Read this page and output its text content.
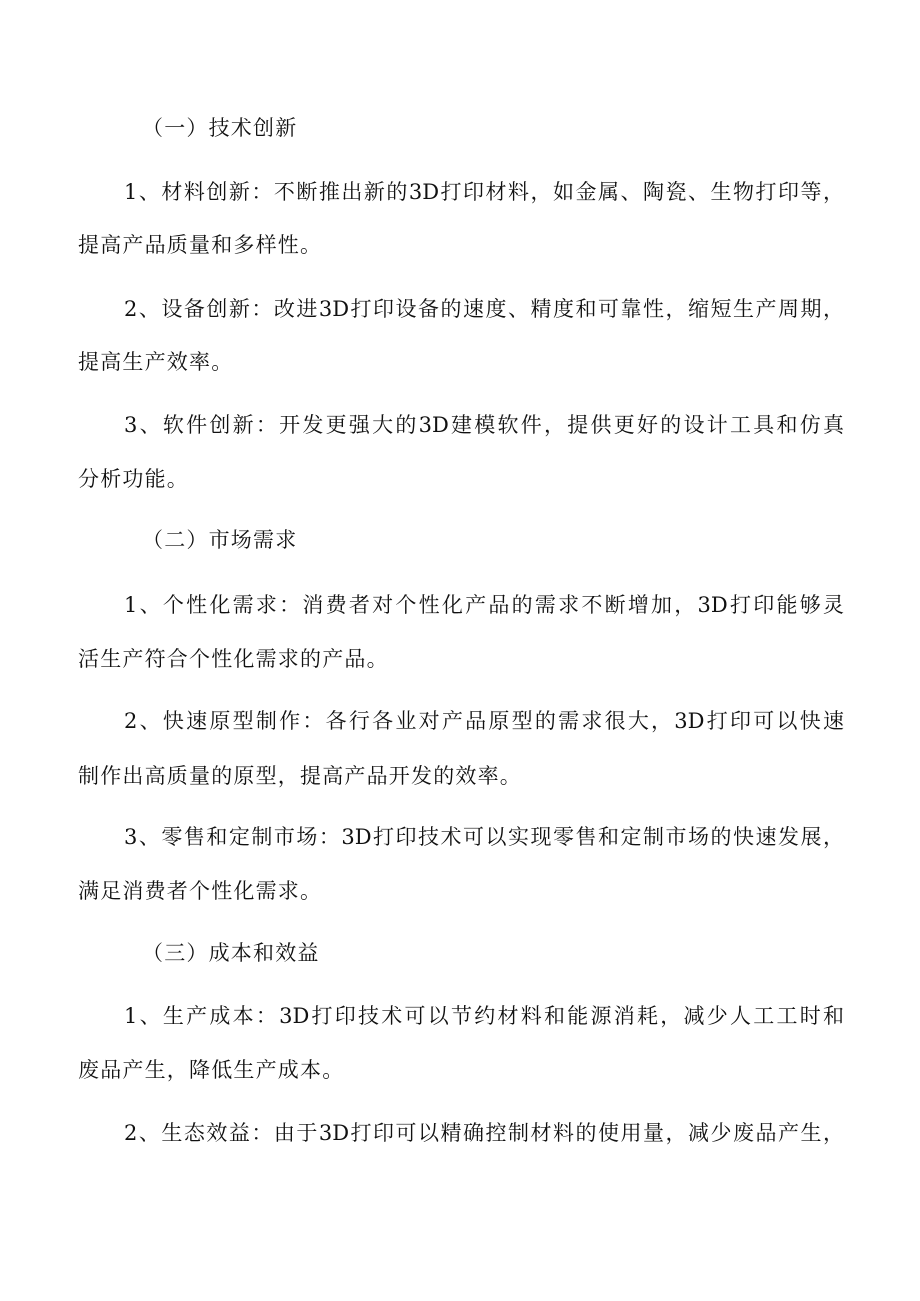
（一）技术创新
1、材料创新：不断推出新的3D打印材料，如金属、陶瓷、生物打印等，
提高产品质量和多样性。
2、设备创新：改进3D打印设备的速度、精度和可靠性，缩短生产周期，
提高生产效率。
3、软件创新：开发更强大的3D建模软件，提供更好的设计工具和仿真
分析功能。
（二）市场需求
1、个性化需求：消费者对个性化产品的需求不断增加，3D打印能够灵
活生产符合个性化需求的产品。
2、快速原型制作：各行各业对产品原型的需求很大，3D打印可以快速
制作出高质量的原型，提高产品开发的效率。
3、零售和定制市场：3D打印技术可以实现零售和定制市场的快速发展，
满足消费者个性化需求。
（三）成本和效益
1、生产成本：3D打印技术可以节约材料和能源消耗，减少人工工时和
废品产生，降低生产成本。
2、生态效益：由于3D打印可以精确控制材料的使用量，减少废品产生，
